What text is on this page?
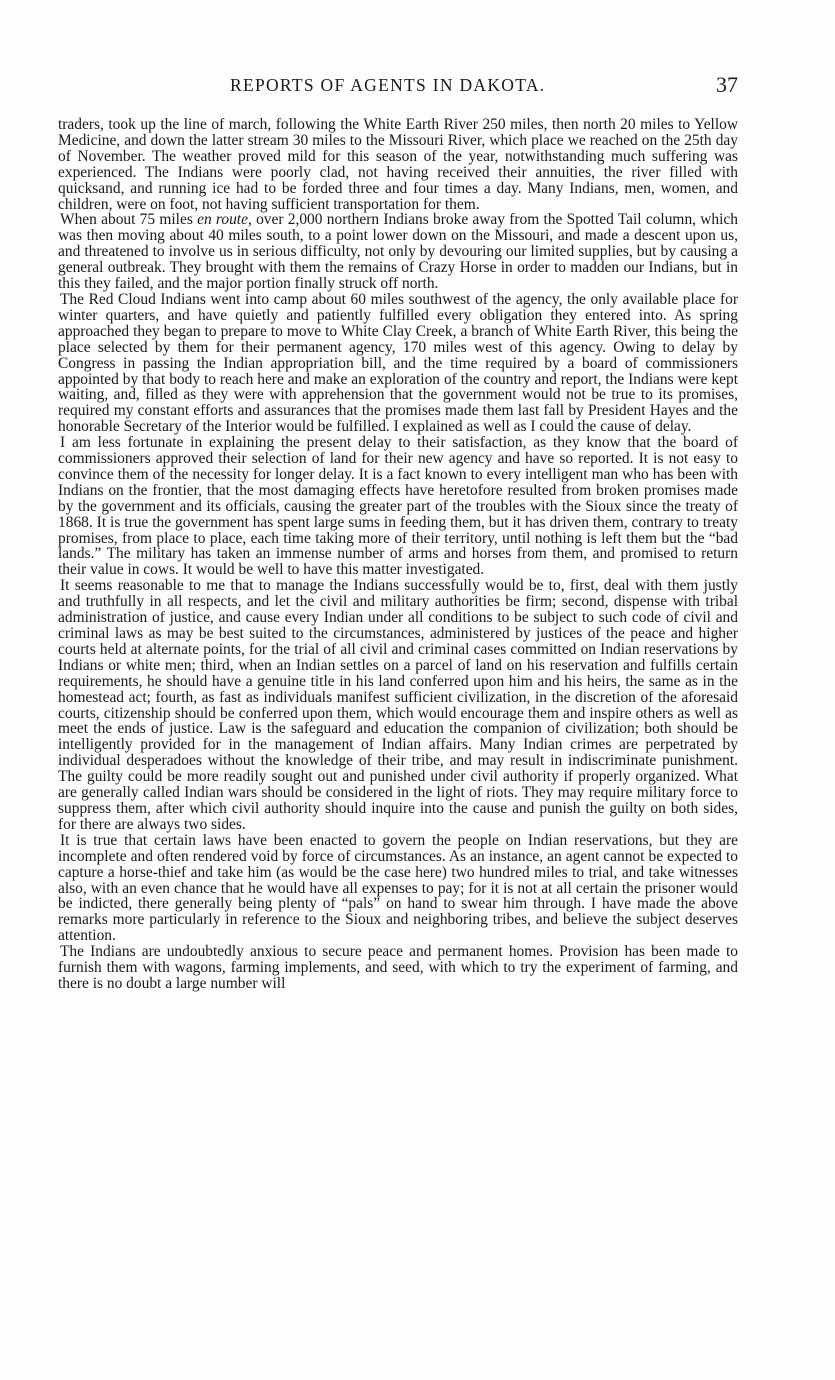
REPORTS OF AGENTS IN DAKOTA.	37

traders, took up the line of march, following the White Earth River 250 miles, then north 20 miles to Yellow Medicine, and down the latter stream 30 miles to the Missouri River, which place we reached on the 25th day of November. The weather proved mild for this season of the year, notwithstanding much suffering was experienced. The Indians were poorly clad, not having received their annuities, the river filled with quicksand, and running ice had to be forded three and four times a day. Many Indians, men, women, and children, were on foot, not having sufficient transportation for them.

When about 75 miles en route, over 2,000 northern Indians broke away from the Spotted Tail column, which was then moving about 40 miles south, to a point lower down on the Missouri, and made a descent upon us, and threatened to involve us in serious difficulty, not only by devouring our limited supplies, but by causing a general outbreak. They brought with them the remains of Crazy Horse in order to madden our Indians, but in this they failed, and the major portion finally struck off north.

The Red Cloud Indians went into camp about 60 miles southwest of the agency, the only available place for winter quarters, and have quietly and patiently fulfilled every obligation they entered into. As spring approached they began to prepare to move to White Clay Creek, a branch of White Earth River, this being the place selected by them for their permanent agency, 170 miles west of this agency. Owing to delay by Congress in passing the Indian appropriation bill, and the time required by a board of commissioners appointed by that body to reach here and make an exploration of the country and report, the Indians were kept waiting, and, filled as they were with apprehension that the government would not be true to its promises, required my constant efforts and assurances that the promises made them last fall by President Hayes and the honorable Secretary of the Interior would be fulfilled. I explained as well as I could the cause of delay.

I am less fortunate in explaining the present delay to their satisfaction, as they know that the board of commissioners approved their selection of land for their new agency and have so reported. It is not easy to convince them of the necessity for longer delay. It is a fact known to every intelligent man who has been with Indians on the frontier, that the most damaging effects have heretofore resulted from broken promises made by the government and its officials, causing the greater part of the troubles with the Sioux since the treaty of 1868. It is true the government has spent large sums in feeding them, but it has driven them, contrary to treaty promises, from place to place, each time taking more of their territory, until nothing is left them but the “bad lands.” The military has taken an immense number of arms and horses from them, and promised to return their value in cows. It would be well to have this matter investigated.

It seems reasonable to me that to manage the Indians successfully would be to, first, deal with them justly and truthfully in all respects, and let the civil and military authorities be firm; second, dispense with tribal administration of justice, and cause every Indian under all conditions to be subject to such code of civil and criminal laws as may be best suited to the circumstances, administered by justices of the peace and higher courts held at alternate points, for the trial of all civil and criminal cases committed on Indian reservations by Indians or white men; third, when an Indian settles on a parcel of land on his reservation and fulfills certain requirements, he should have a genuine title in his land conferred upon him and his heirs, the same as in the homestead act; fourth, as fast as individuals manifest sufficient civilization, in the discretion of the aforesaid courts, citizenship should be conferred upon them, which would encourage them and inspire others as well as meet the ends of justice. Law is the safeguard and education the companion of civilization; both should be intelligently provided for in the management of Indian affairs. Many Indian crimes are perpetrated by individual desperadoes without the knowledge of their tribe, and may result in indiscriminate punishment. The guilty could be more readily sought out and punished under civil authority if properly organized. What are generally called Indian wars should be considered in the light of riots. They may require military force to suppress them, after which civil authority should inquire into the cause and punish the guilty on both sides, for there are always two sides.

It is true that certain laws have been enacted to govern the people on Indian reservations, but they are incomplete and often rendered void by force of circumstances. As an instance, an agent cannot be expected to capture a horse-thief and take him (as would be the case here) two hundred miles to trial, and take witnesses also, with an even chance that he would have all expenses to pay; for it is not at all certain the prisoner would be indicted, there generally being plenty of “pals” on hand to swear him through. I have made the above remarks more particularly in reference to the Sioux and neighboring tribes, and believe the subject deserves attention.

The Indians are undoubtedly anxious to secure peace and permanent homes. Provision has been made to furnish them with wagons, farming implements, and seed, with which to try the experiment of farming, and there is no doubt a large number will
